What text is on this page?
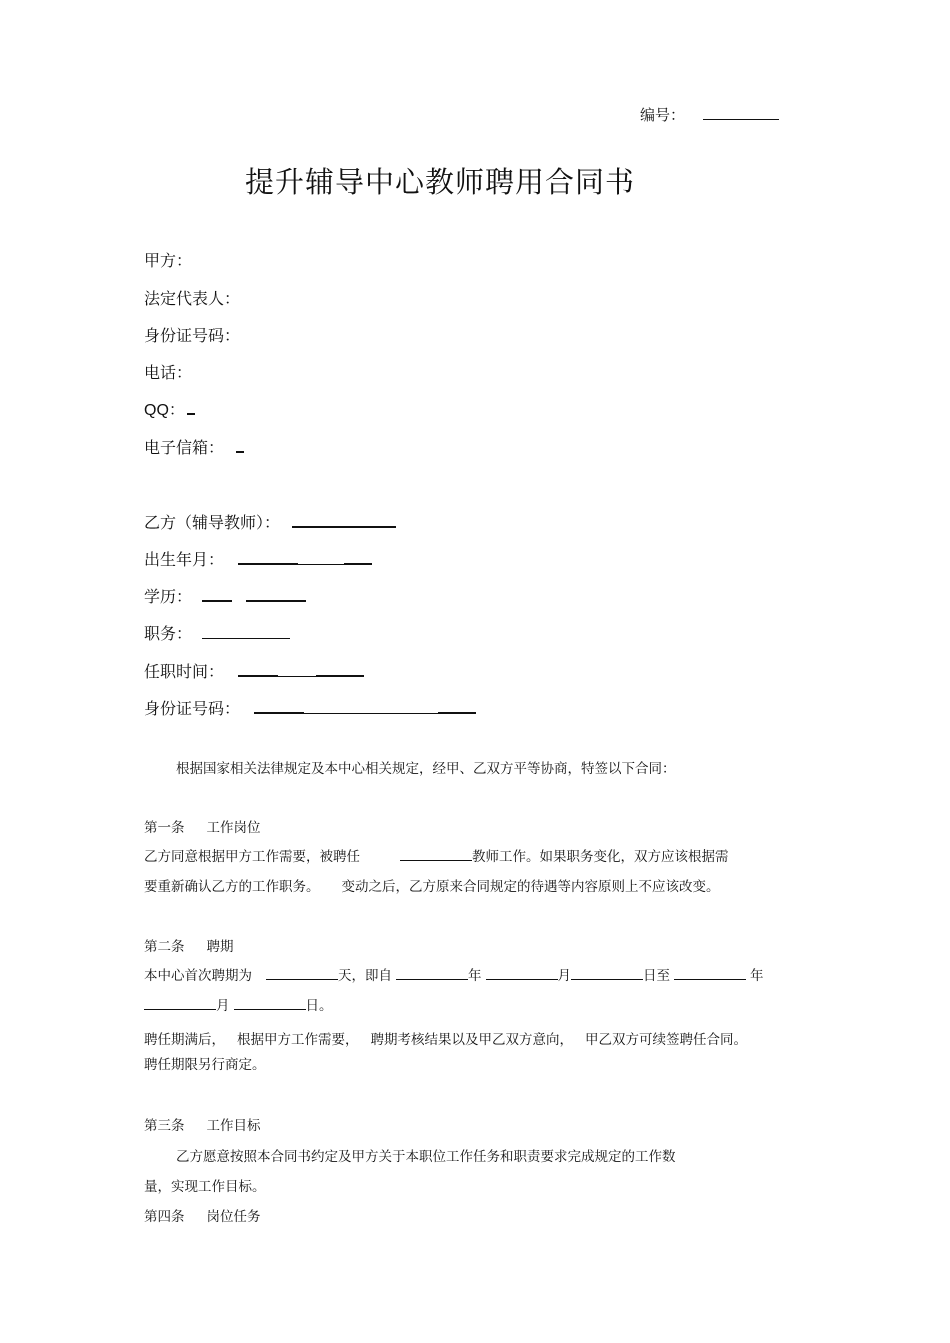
编号：
提升辅导中心教师聘用合同书
甲方：
法定代表人：
身份证号码：
电话：
QQ：
电子信箱：
乙方（辅导教师）：
出生年月：
学历：
职务：
任职时间：
身份证号码：
根据国家相关法律规定及本中心相关规定，经甲、乙双方平等协商，特签以下合同：
第一条 工作岗位
乙方同意根据甲方工作需要，被聘任	教师工作。如果职务变化，双方应该根据需
要重新确认乙方的工作职务。 变动之后，乙方原来合同规定的待遇等内容原则上不应该改变。
第二条 聘期
本中心首次聘期为	天，即自	年	月	日至	年
月	日。
聘任期满后， 根据甲方工作需要， 聘期考核结果以及甲乙双方意向， 甲乙双方可续签聘任合同。
聘任期限另行商定。
第三条 工作目标
乙方愿意按照本合同书约定及甲方关于本职位工作任务和职责要求完成规定的工作数
量，实现工作目标。
第四条 岗位任务
